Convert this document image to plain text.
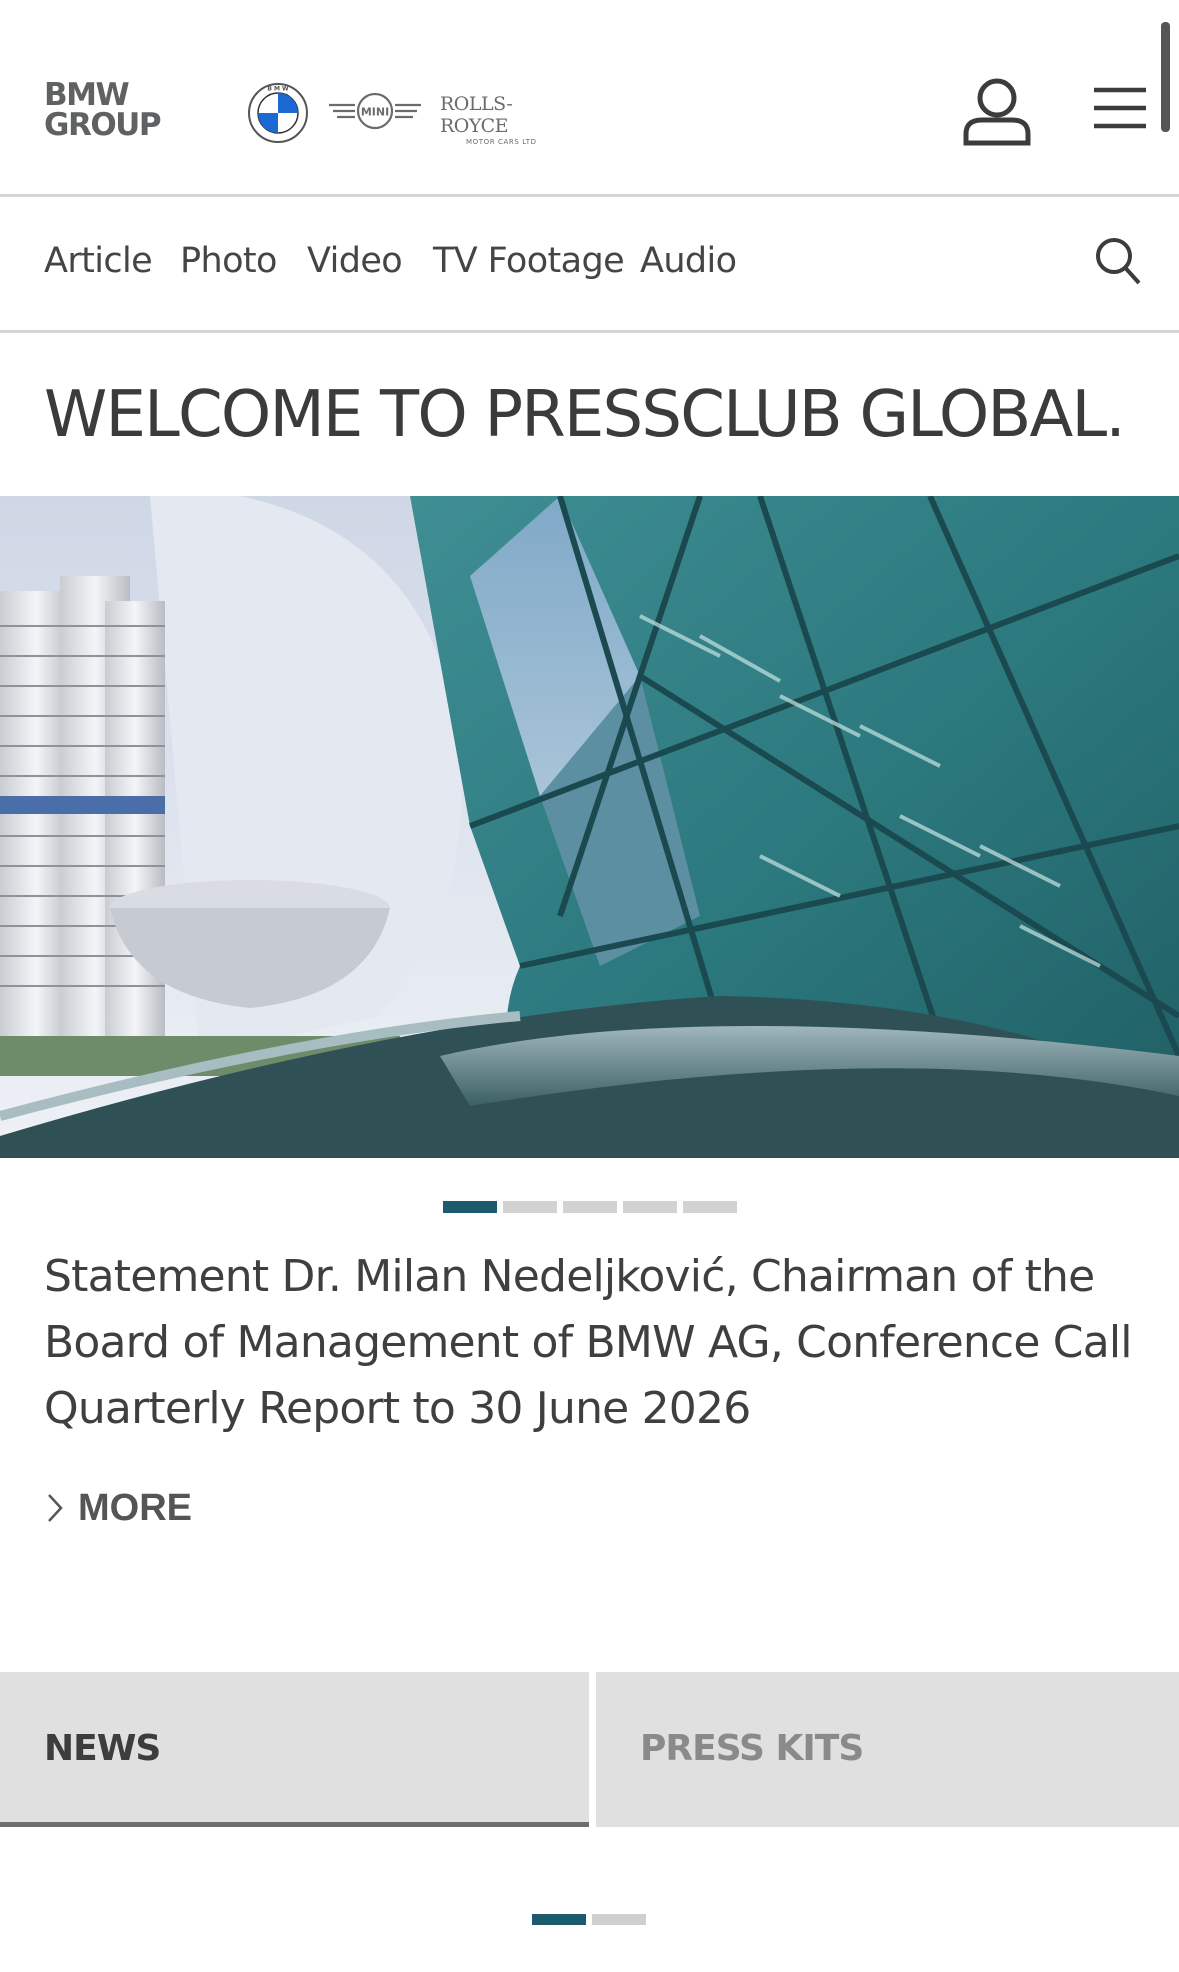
BMW
GROUP
B M W
MINI	ROLLS-ROYCE
MOTOR CARS LTD
Article Photo Video TV Footage Audio
WELCOME TO PRESSCLUB GLOBAL.

Statement Dr. Milan Nedeljković, Chairman of the Board of Management of BMW AG, Conference Call Quarterly Report to 30 June 2026

MORE
NEWS	PRESS KITS
